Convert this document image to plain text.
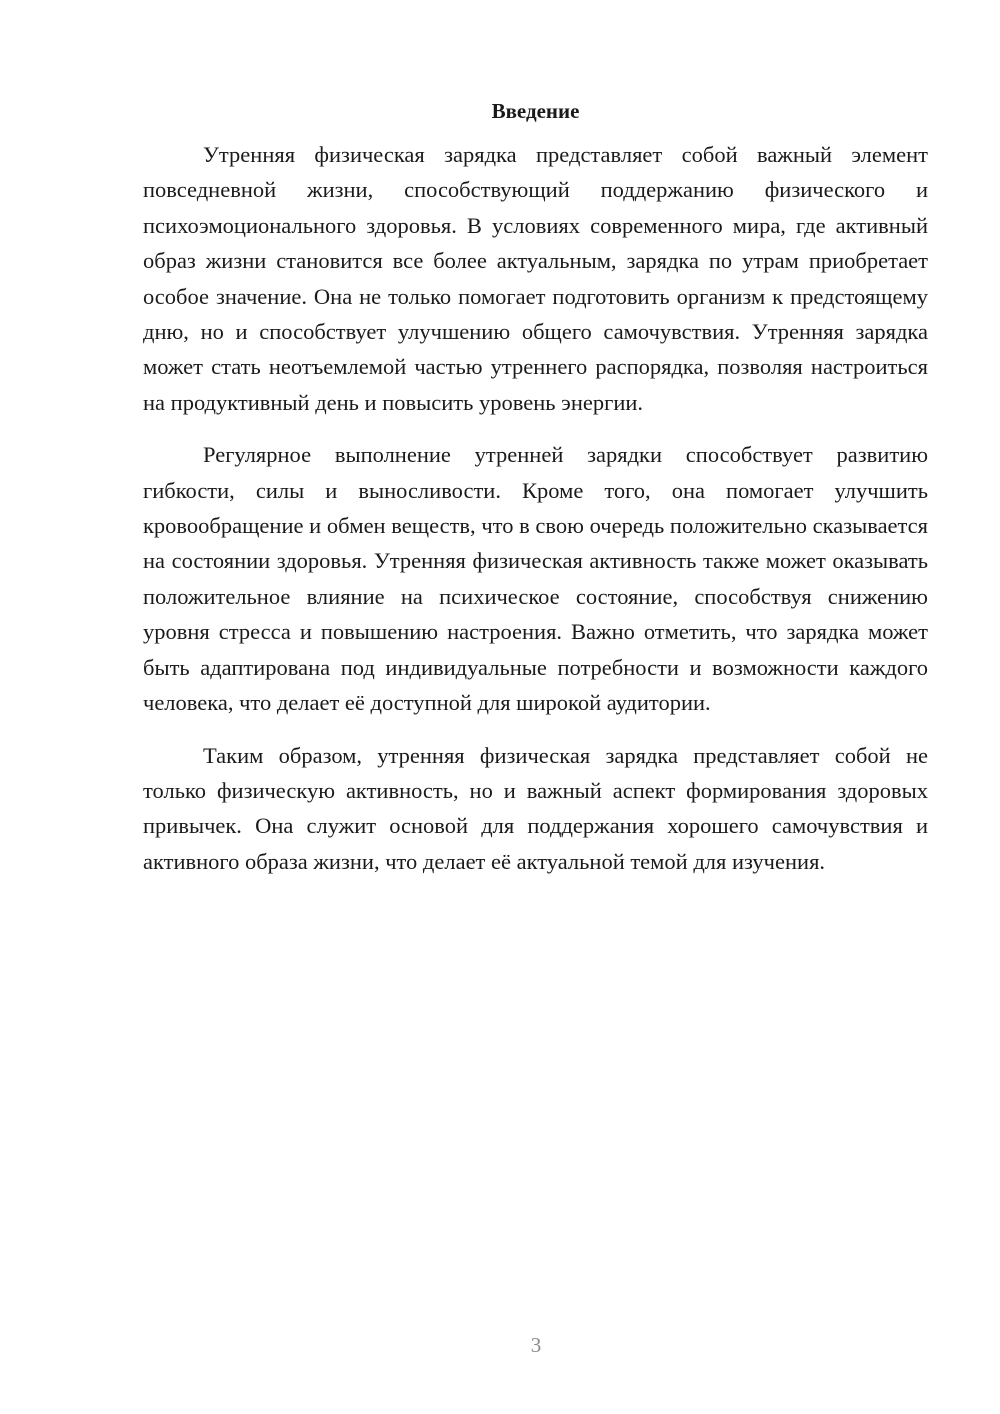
Введение

Утренняя физическая зарядка представляет собой важный элемент повседневной жизни, способствующий поддержанию физического и психоэмоционального здоровья. В условиях современного мира, где активный образ жизни становится все более актуальным, зарядка по утрам приобретает особое значение. Она не только помогает подготовить организм к предстоящему дню, но и способствует улучшению общего самочувствия. Утренняя зарядка может стать неотъемлемой частью утреннего распорядка, позволяя настроиться на продуктивный день и повысить уровень энергии.

Регулярное выполнение утренней зарядки способствует развитию гибкости, силы и выносливости. Кроме того, она помогает улучшить кровообращение и обмен веществ, что в свою очередь положительно сказывается на состоянии здоровья. Утренняя физическая активность также может оказывать положительное влияние на психическое состояние, способствуя снижению уровня стресса и повышению настроения. Важно отметить, что зарядка может быть адаптирована под индивидуальные потребности и возможности каждого человека, что делает её доступной для широкой аудитории.

Таким образом, утренняя физическая зарядка представляет собой не только физическую активность, но и важный аспект формирования здоровых привычек. Она служит основой для поддержания хорошего самочувствия и активного образа жизни, что делает её актуальной темой для изучения.

3
